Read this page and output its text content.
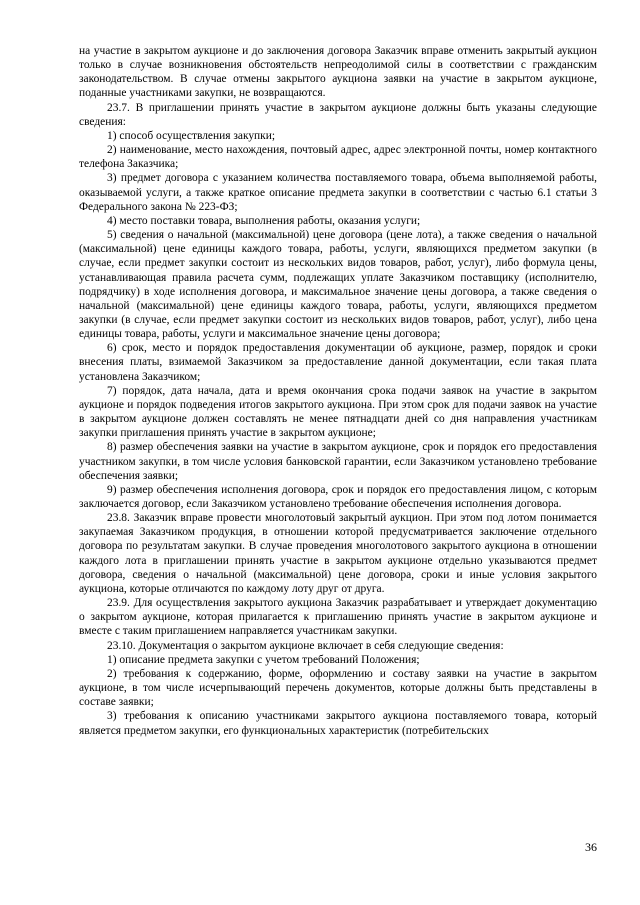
на участие в закрытом аукционе и до заключения договора Заказчик вправе отменить закрытый аукцион только в случае возникновения обстоятельств непреодолимой силы в соответствии с гражданским законодательством. В случае отмены закрытого аукциона заявки на участие в закрытом аукционе, поданные участниками закупки, не возвращаются.

23.7. В приглашении принять участие в закрытом аукционе должны быть указаны следующие сведения:

1) способ осуществления закупки;

2) наименование, место нахождения, почтовый адрес, адрес электронной почты, номер контактного телефона Заказчика;

3) предмет договора с указанием количества поставляемого товара, объема выполняемой работы, оказываемой услуги, а также краткое описание предмета закупки в соответствии с частью 6.1 статьи 3 Федерального закона № 223-ФЗ;

4) место поставки товара, выполнения работы, оказания услуги;

5) сведения о начальной (максимальной) цене договора (цене лота), а также сведения о начальной (максимальной) цене единицы каждого товара, работы, услуги, являющихся предметом закупки (в случае, если предмет закупки состоит из нескольких видов товаров, работ, услуг), либо формула цены, устанавливающая правила расчета сумм, подлежащих уплате Заказчиком поставщику (исполнителю, подрядчику) в ходе исполнения договора, и максимальное значение цены договора, а также сведения о начальной (максимальной) цене единицы каждого товара, работы, услуги, являющихся предметом закупки (в случае, если предмет закупки состоит из нескольких видов товаров, работ, услуг), либо цена единицы товара, работы, услуги и максимальное значение цены договора;

6) срок, место и порядок предоставления документации об аукционе, размер, порядок и сроки внесения платы, взимаемой Заказчиком за предоставление данной документации, если такая плата установлена Заказчиком;

7) порядок, дата начала, дата и время окончания срока подачи заявок на участие в закрытом аукционе и порядок подведения итогов закрытого аукциона. При этом срок для подачи заявок на участие в закрытом аукционе должен составлять не менее пятнадцати дней со дня направления участникам закупки приглашения принять участие в закрытом аукционе;

8) размер обеспечения заявки на участие в закрытом аукционе, срок и порядок его предоставления участником закупки, в том числе условия банковской гарантии, если Заказчиком установлено требование обеспечения заявки;

9) размер обеспечения исполнения договора, срок и порядок его предоставления лицом, с которым заключается договор, если Заказчиком установлено требование обеспечения исполнения договора.

23.8. Заказчик вправе провести многолотовый закрытый аукцион. При этом под лотом понимается закупаемая Заказчиком продукция, в отношении которой предусматривается заключение отдельного договора по результатам закупки. В случае проведения многолотового закрытого аукциона в отношении каждого лота в приглашении принять участие в закрытом аукционе отдельно указываются предмет договора, сведения о начальной (максимальной) цене договора, сроки и иные условия закрытого аукциона, которые отличаются по каждому лоту друг от друга.

23.9. Для осуществления закрытого аукциона Заказчик разрабатывает и утверждает документацию о закрытом аукционе, которая прилагается к приглашению принять участие в закрытом аукционе и вместе с таким приглашением направляется участникам закупки.

23.10. Документация о закрытом аукционе включает в себя следующие сведения:

1) описание предмета закупки с учетом требований Положения;

2) требования к содержанию, форме, оформлению и составу заявки на участие в закрытом аукционе, в том числе исчерпывающий перечень документов, которые должны быть представлены в составе заявки;

3) требования к описанию участниками закрытого аукциона поставляемого товара, который является предметом закупки, его функциональных характеристик (потребительских

36
